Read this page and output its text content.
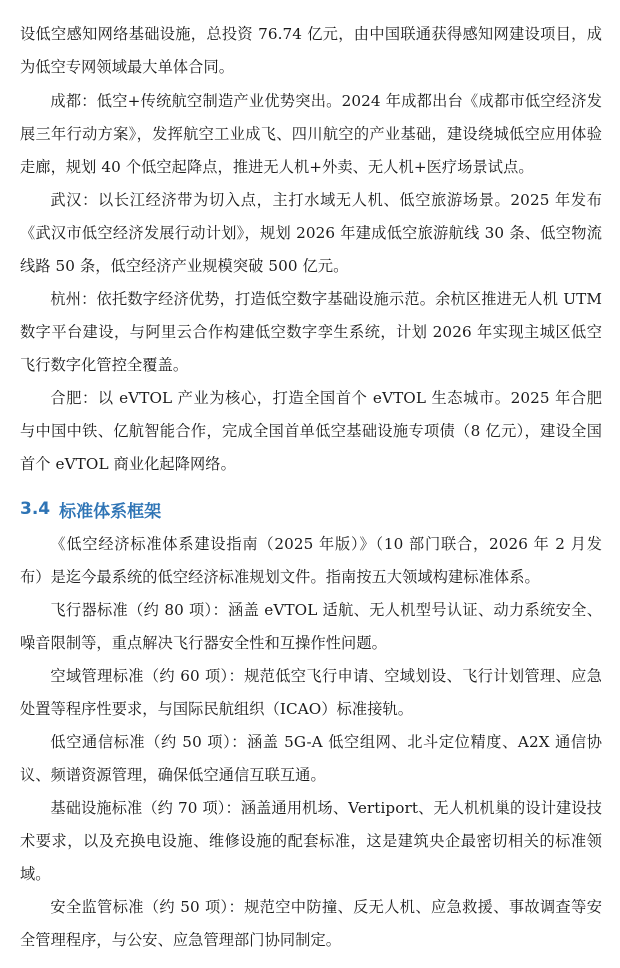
设低空感知网络基础设施，总投资 76.74 亿元，由中国联通获得感知网建设项目，成为低空专网领域最大单体合同。

成都：低空+传统航空制造产业优势突出。2024 年成都出台《成都市低空经济发展三年行动方案》，发挥航空工业成飞、四川航空的产业基础，建设绕城低空应用体验走廊，规划 40 个低空起降点，推进无人机+外卖、无人机+医疗场景试点。

武汉：以长江经济带为切入点，主打水域无人机、低空旅游场景。2025 年发布《武汉市低空经济发展行动计划》，规划 2026 年建成低空旅游航线 30 条、低空物流线路 50 条，低空经济产业规模突破 500 亿元。

杭州：依托数字经济优势，打造低空数字基础设施示范。余杭区推进无人机 UTM 数字平台建设，与阿里云合作构建低空数字孪生系统，计划 2026 年实现主城区低空飞行数字化管控全覆盖。

合肥：以 eVTOL 产业为核心，打造全国首个 eVTOL 生态城市。2025 年合肥与中国中铁、亿航智能合作，完成全国首单低空基础设施专项债（8 亿元），建设全国首个 eVTOL 商业化起降网络。

3.4 标准体系框架

《低空经济标准体系建设指南（2025 年版）》（10 部门联合，2026 年 2 月发布）是迄今最系统的低空经济标准规划文件。指南按五大领域构建标准体系。

飞行器标准（约 80 项）：涵盖 eVTOL 适航、无人机型号认证、动力系统安全、噪音限制等，重点解决飞行器安全性和互操作性问题。

空域管理标准（约 60 项）：规范低空飞行申请、空域划设、飞行计划管理、应急处置等程序性要求，与国际民航组织（ICAO）标准接轨。

低空通信标准（约 50 项）：涵盖 5G-A 低空组网、北斗定位精度、A2X 通信协议、频谱资源管理，确保低空通信互联互通。

基础设施标准（约 70 项）：涵盖通用机场、Vertiport、无人机机巢的设计建设技术要求，以及充换电设施、维修设施的配套标准，这是建筑央企最密切相关的标准领域。

安全监管标准（约 50 项）：规范空中防撞、反无人机、应急救援、事故调查等安全管理程序，与公安、应急管理部门协同制定。
